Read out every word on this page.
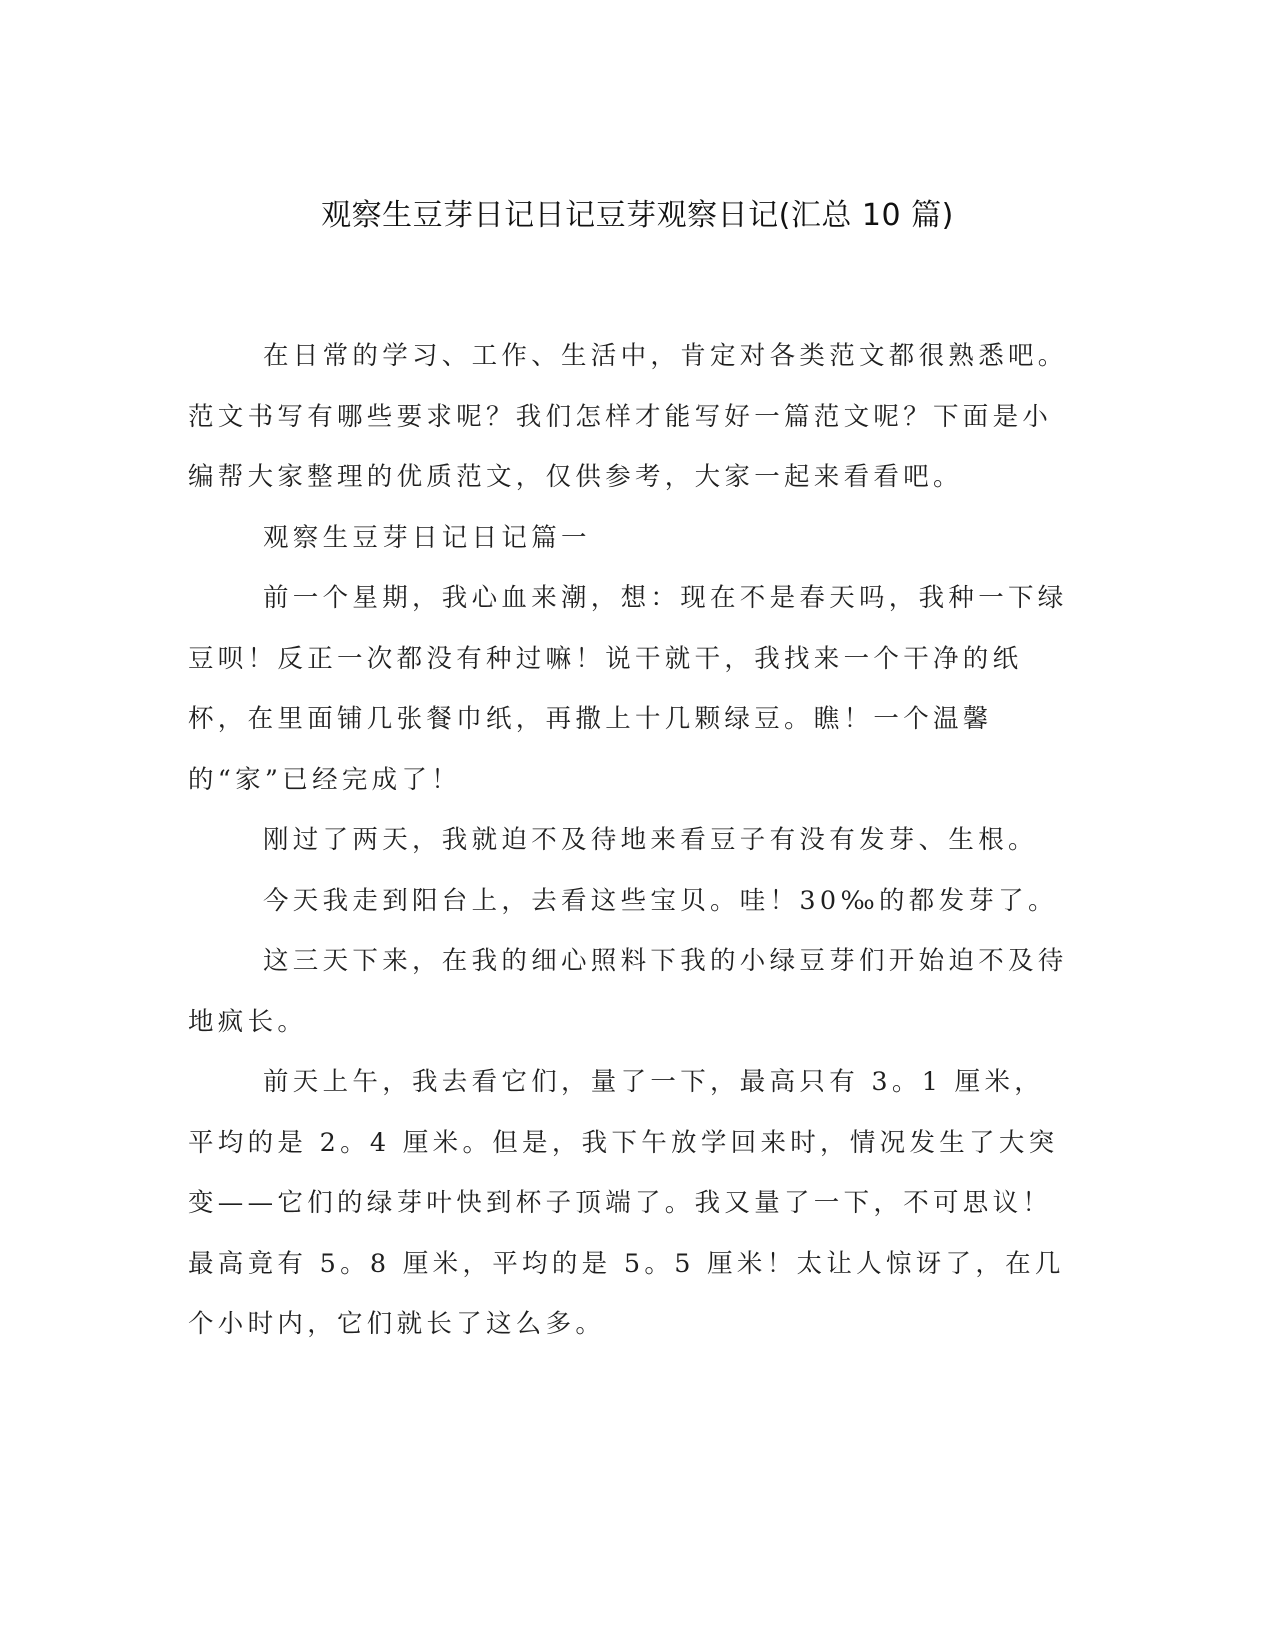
观察生豆芽日记日记豆芽观察日记(汇总 10 篇)

在日常的学习、工作、生活中，肯定对各类范文都很熟悉吧。范文书写有哪些要求呢？我们怎样才能写好一篇范文呢？下面是小编帮大家整理的优质范文，仅供参考，大家一起来看看吧。

观察生豆芽日记日记篇一

前一个星期，我心血来潮，想：现在不是春天吗，我种一下绿豆呗！反正一次都没有种过嘛！说干就干，我找来一个干净的纸杯，在里面铺几张餐巾纸，再撒上十几颗绿豆。瞧！一个温馨的“家”已经完成了！

刚过了两天，我就迫不及待地来看豆子有没有发芽、生根。

今天我走到阳台上，去看这些宝贝。哇！30‰的都发芽了。

这三天下来，在我的细心照料下我的小绿豆芽们开始迫不及待地疯长。

前天上午，我去看它们，量了一下，最高只有 3。1 厘米，平均的是 2。4 厘米。但是，我下午放学回来时，情况发生了大突变——它们的绿芽叶快到杯子顶端了。我又量了一下，不可思议！最高竟有 5。8 厘米，平均的是 5。5 厘米！太让人惊讶了，在几个小时内，它们就长了这么多。
